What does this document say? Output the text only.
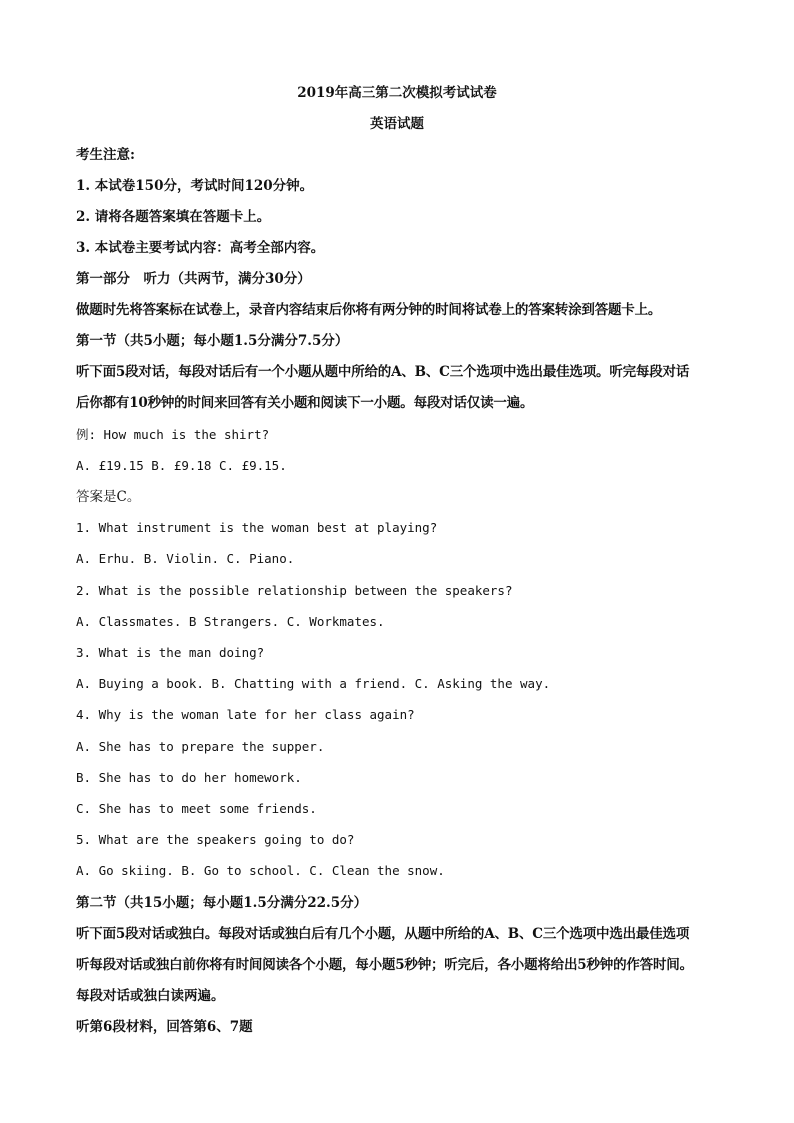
2019年高三第二次模拟考试试卷
英语试题
考生注意:
1. 本试卷150分，考试时间120分钟。
2. 请将各题答案填在答题卡上。
3. 本试卷主要考试内容：高考全部内容。
第一部分　听力（共两节，满分30分）
做题时先将答案标在试卷上，录音内容结束后你将有两分钟的时间将试卷上的答案转涂到答题卡上。
第一节（共5小题；每小题1.5分满分7.5分）
听下面5段对话，每段对话后有一个小题从题中所给的A、B、C三个选项中选出最佳选项。听完每段对话
后你都有10秒钟的时间来回答有关小题和阅读下一小题。每段对话仅读一遍。
例: How much is the shirt?
A. £19.15 B. £9.18 C. £9.15.
答案是C。
1. What instrument is the woman best at playing?
A. Erhu. B. Violin. C. Piano.
2. What is the possible relationship between the speakers?
A. Classmates. B Strangers. C. Workmates.
3. What is the man doing?
A. Buying a book. B. Chatting with a friend. C. Asking the way.
4. Why is the woman late for her class again?
A. She has to prepare the supper.
B. She has to do her homework.
C. She has to meet some friends.
5. What are the speakers going to do?
A. Go skiing. B. Go to school. C. Clean the snow.
第二节（共15小题；每小题1.5分满分22.5分）
听下面5段对话或独白。每段对话或独白后有几个小题，从题中所给的A、B、C三个选项中选出最佳选项
听每段对话或独白前你将有时间阅读各个小题，每小题5秒钟；听完后，各小题将给出5秒钟的作答时间。
每段对话或独白读两遍。
听第6段材料，回答第6、7题
